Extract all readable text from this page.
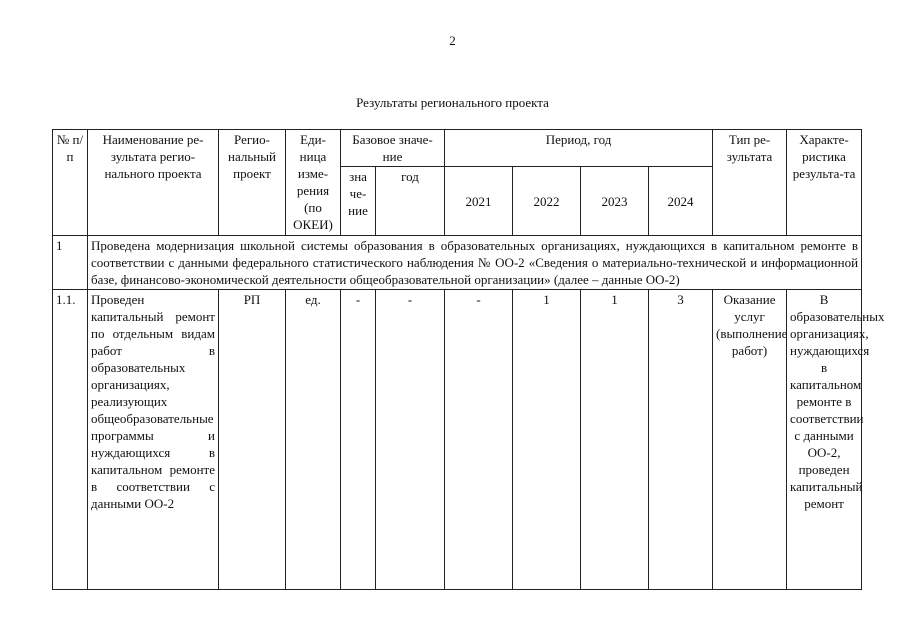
2
Результаты регионального проекта
№ п/п	Наименование ре-зультата регио-нального проекта	Регио-нальный проект	Еди-ница изме-рения (по ОКЕИ)	Базовое значе-ние		Период, год				Тип ре-зультата	Характе-ристика результа-та
				зна че-ние	год	2021	2022	2023	2024		
1	Проведена модернизация школьной системы образования в образовательных организациях, нуждающихся в капитальном ремонте в соответствии с данными федерального статистического наблюдения № ОО-2 «Сведения о материально-технической и информационной базе, финансово-экономической деятельности общеобразовательной организации» (далее – данные ОО-2)										
1.1.	Проведен капитальный ремонт по отдельным видам работ в образовательных организациях, реализующих общеобразовательные программы и нуждающихся в капитальном ремонте в соответствии с данными ОО-2	РП	ед.	-	-	-	1	1	3	Оказание услуг (выполнение работ)	В образовательных организациях, нуждающихся в капитальном ремонте в соответствии с данными ОО-2, проведен капитальный ремонт
